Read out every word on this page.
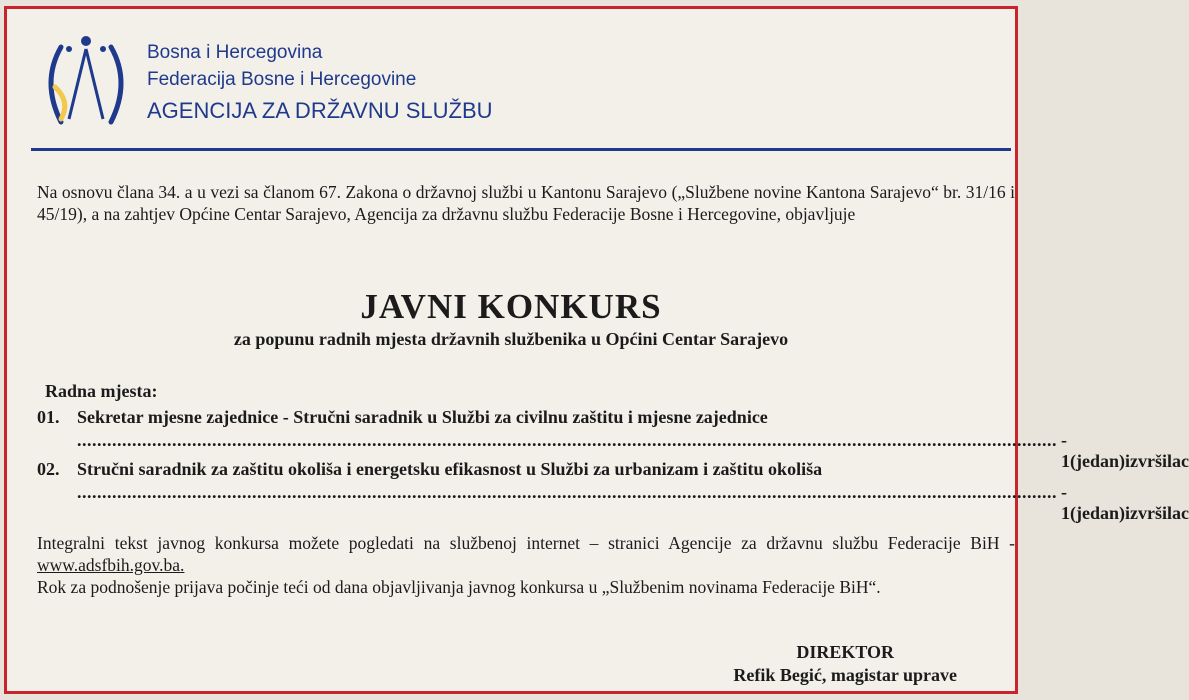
Bosna i Hercegovina
Federacija Bosne i Hercegovine
AGENCIJA ZA DRŽAVNU SLUŽBU
Na osnovu člana 34. a u vezi sa članom 67. Zakona o državnoj službi u Kantonu Sarajevo („Službene novine Kantona Sarajevo“ br. 31/16 i 45/19), a na zahtjev Općine Centar Sarajevo, Agencija za državnu službu Federacije Bosne i Hercegovine, objavljuje
JAVNI KONKURS
za popunu radnih mjesta državnih službenika u Općini Centar Sarajevo
Radna mjesta:
01. Sekretar mjesne zajednice - Stručni saradnik u Službi za civilnu zaštitu i mjesne zajednice
.................................................................................................................................................................................................... - 1(jedan)izvršilac
02. Stručni saradnik za zaštitu okoliša i energetsku efikasnost u Službi za urbanizam i zaštitu okoliša
.................................................................................................................................................................................................... - 1(jedan)izvršilac
Integralni tekst javnog konkursa možete pogledati na službenoj internet – stranici Agencije za državnu službu Federacije BiH - www.adsfbih.gov.ba.
Rok za podnošenje prijava počinje teći od dana objavljivanja javnog konkursa u „Službenim novinama Federacije BiH“.
DIREKTOR
Refik Begić, magistar uprave
